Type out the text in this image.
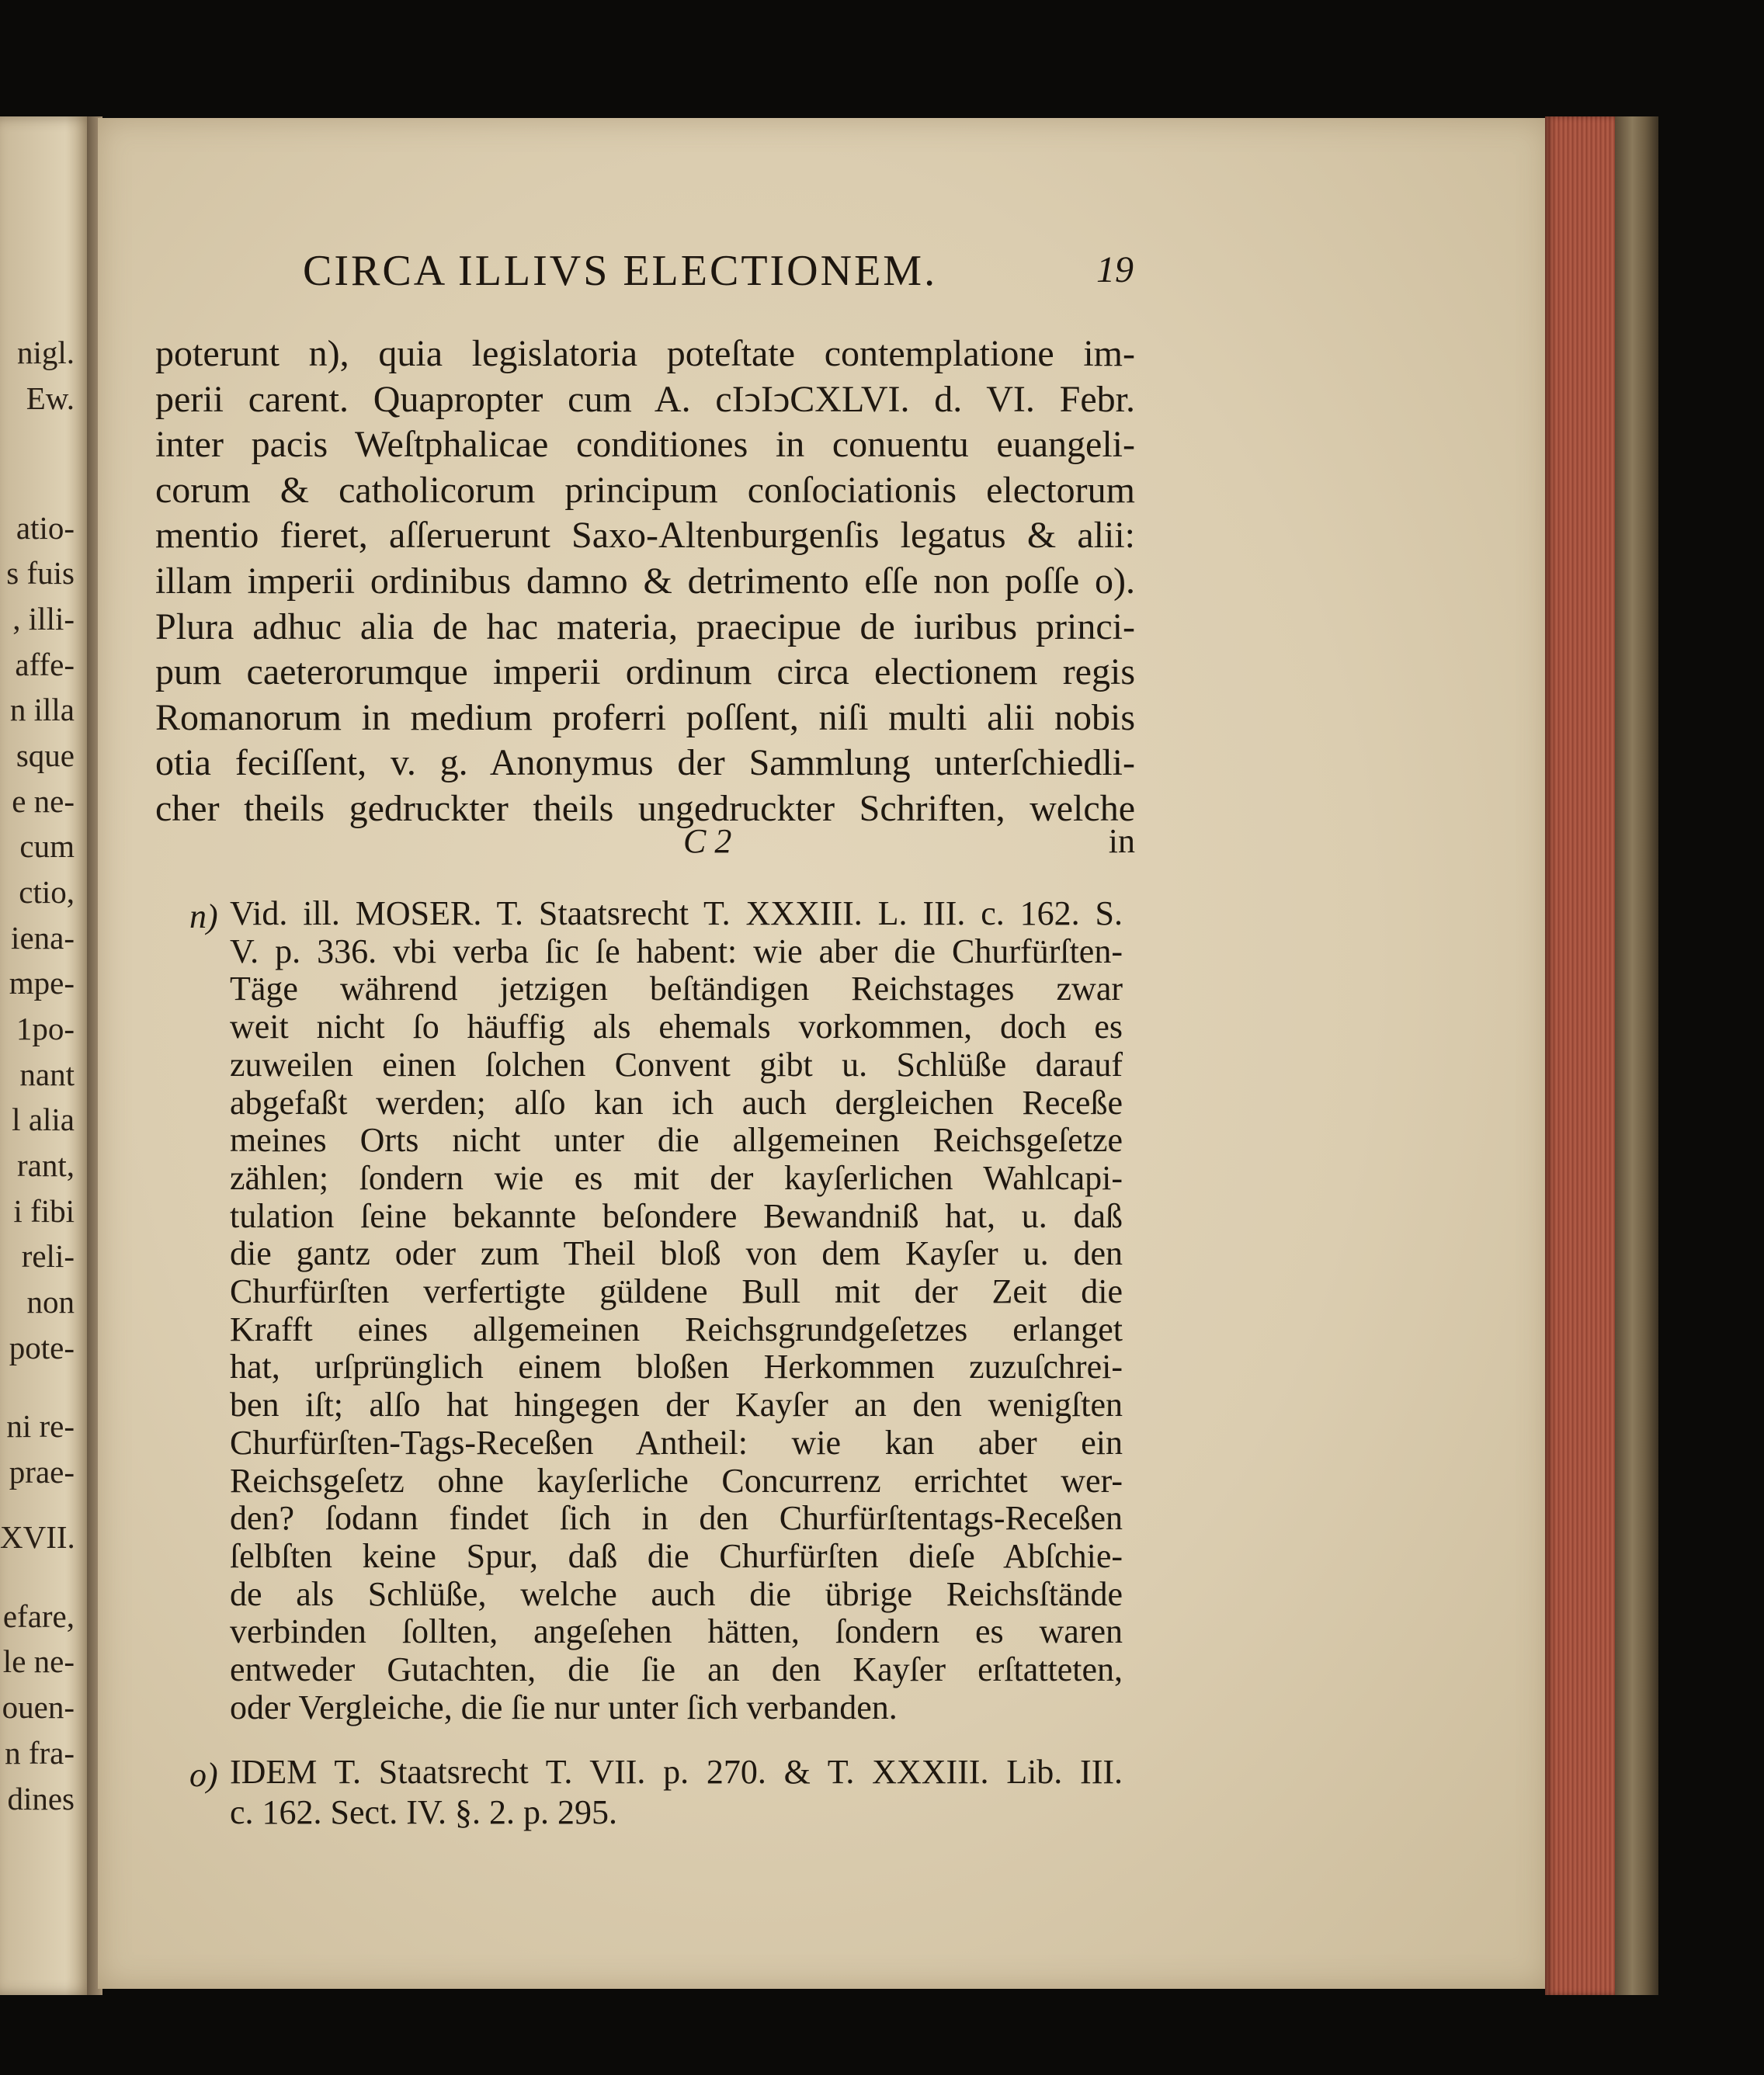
nigl.
Ew.
atio-
s fuis
, illi-
affe-
n illa
sque
e ne-
cum
ctio,
iena-
mpe-
1po-
nant
l alia
rant,
i fibi
reli-
non
pote-
ni re-
prae-
XVII.
efare,
le ne-
ouen-
n fra-
dines
CIRCA ILLIVS ELECTIONEM.	19
poterunt n), quia legislatoria poteſtate contemplatione im-
perii carent. Quapropter cum A. cIↄIↄCXLVI. d. VI. Febr.
inter pacis Weſtphalicae conditiones in conuentu euangeli-
corum & catholicorum principum conſociationis electorum
mentio fieret, aſſeruerunt Saxo-Altenburgenſis legatus & alii:
illam imperii ordinibus damno & detrimento eſſe non poſſe o).
Plura adhuc alia de hac materia, praecipue de iuribus princi-
pum caeterorumque imperii ordinum circa electionem regis
Romanorum in medium proferri poſſent, niſi multi alii nobis
otia feciſſent, v. g. Anonymus der Sammlung unterſchiedli-
cher theils gedruckter theils ungedruckter Schriften, welche
C 2	in
n) Vid. ill. MOSER. T. Staatsrecht T. XXXIII. L. III. c. 162. S.
V. p. 336. vbi verba ſic ſe habent: wie aber die Churfürſten-
Täge während jetzigen beſtändigen Reichstages zwar
weit nicht ſo häuffig als ehemals vorkommen, doch es
zuweilen einen ſolchen Convent gibt u. Schlüße darauf
abgefaßt werden; alſo kan ich auch dergleichen Receße
meines Orts nicht unter die allgemeinen Reichsgeſetze
zählen; ſondern wie es mit der kayſerlichen Wahlcapi-
tulation ſeine bekannte beſondere Bewandniß hat, u. daß
die gantz oder zum Theil bloß von dem Kayſer u. den
Churfürſten verfertigte güldene Bull mit der Zeit die
Krafft eines allgemeinen Reichsgrundgeſetzes erlanget
hat, urſprünglich einem bloßen Herkommen zuzuſchrei-
ben iſt; alſo hat hingegen der Kayſer an den wenigſten
Churfürſten-Tags-Receßen Antheil: wie kan aber ein
Reichsgeſetz ohne kayſerliche Concurrenz errichtet wer-
den? ſodann findet ſich in den Churfürſtentags-Receßen
ſelbſten keine Spur, daß die Churfürſten dieſe Abſchie-
de als Schlüße, welche auch die übrige Reichsſtände
verbinden ſollten, angeſehen hätten, ſondern es waren
entweder Gutachten, die ſie an den Kayſer erſtatteten,
oder Vergleiche, die ſie nur unter ſich verbanden.
o) IDEM T. Staatsrecht T. VII. p. 270. & T. XXXIII. Lib. III.
c. 162. Sect. IV. §. 2. p. 295.
